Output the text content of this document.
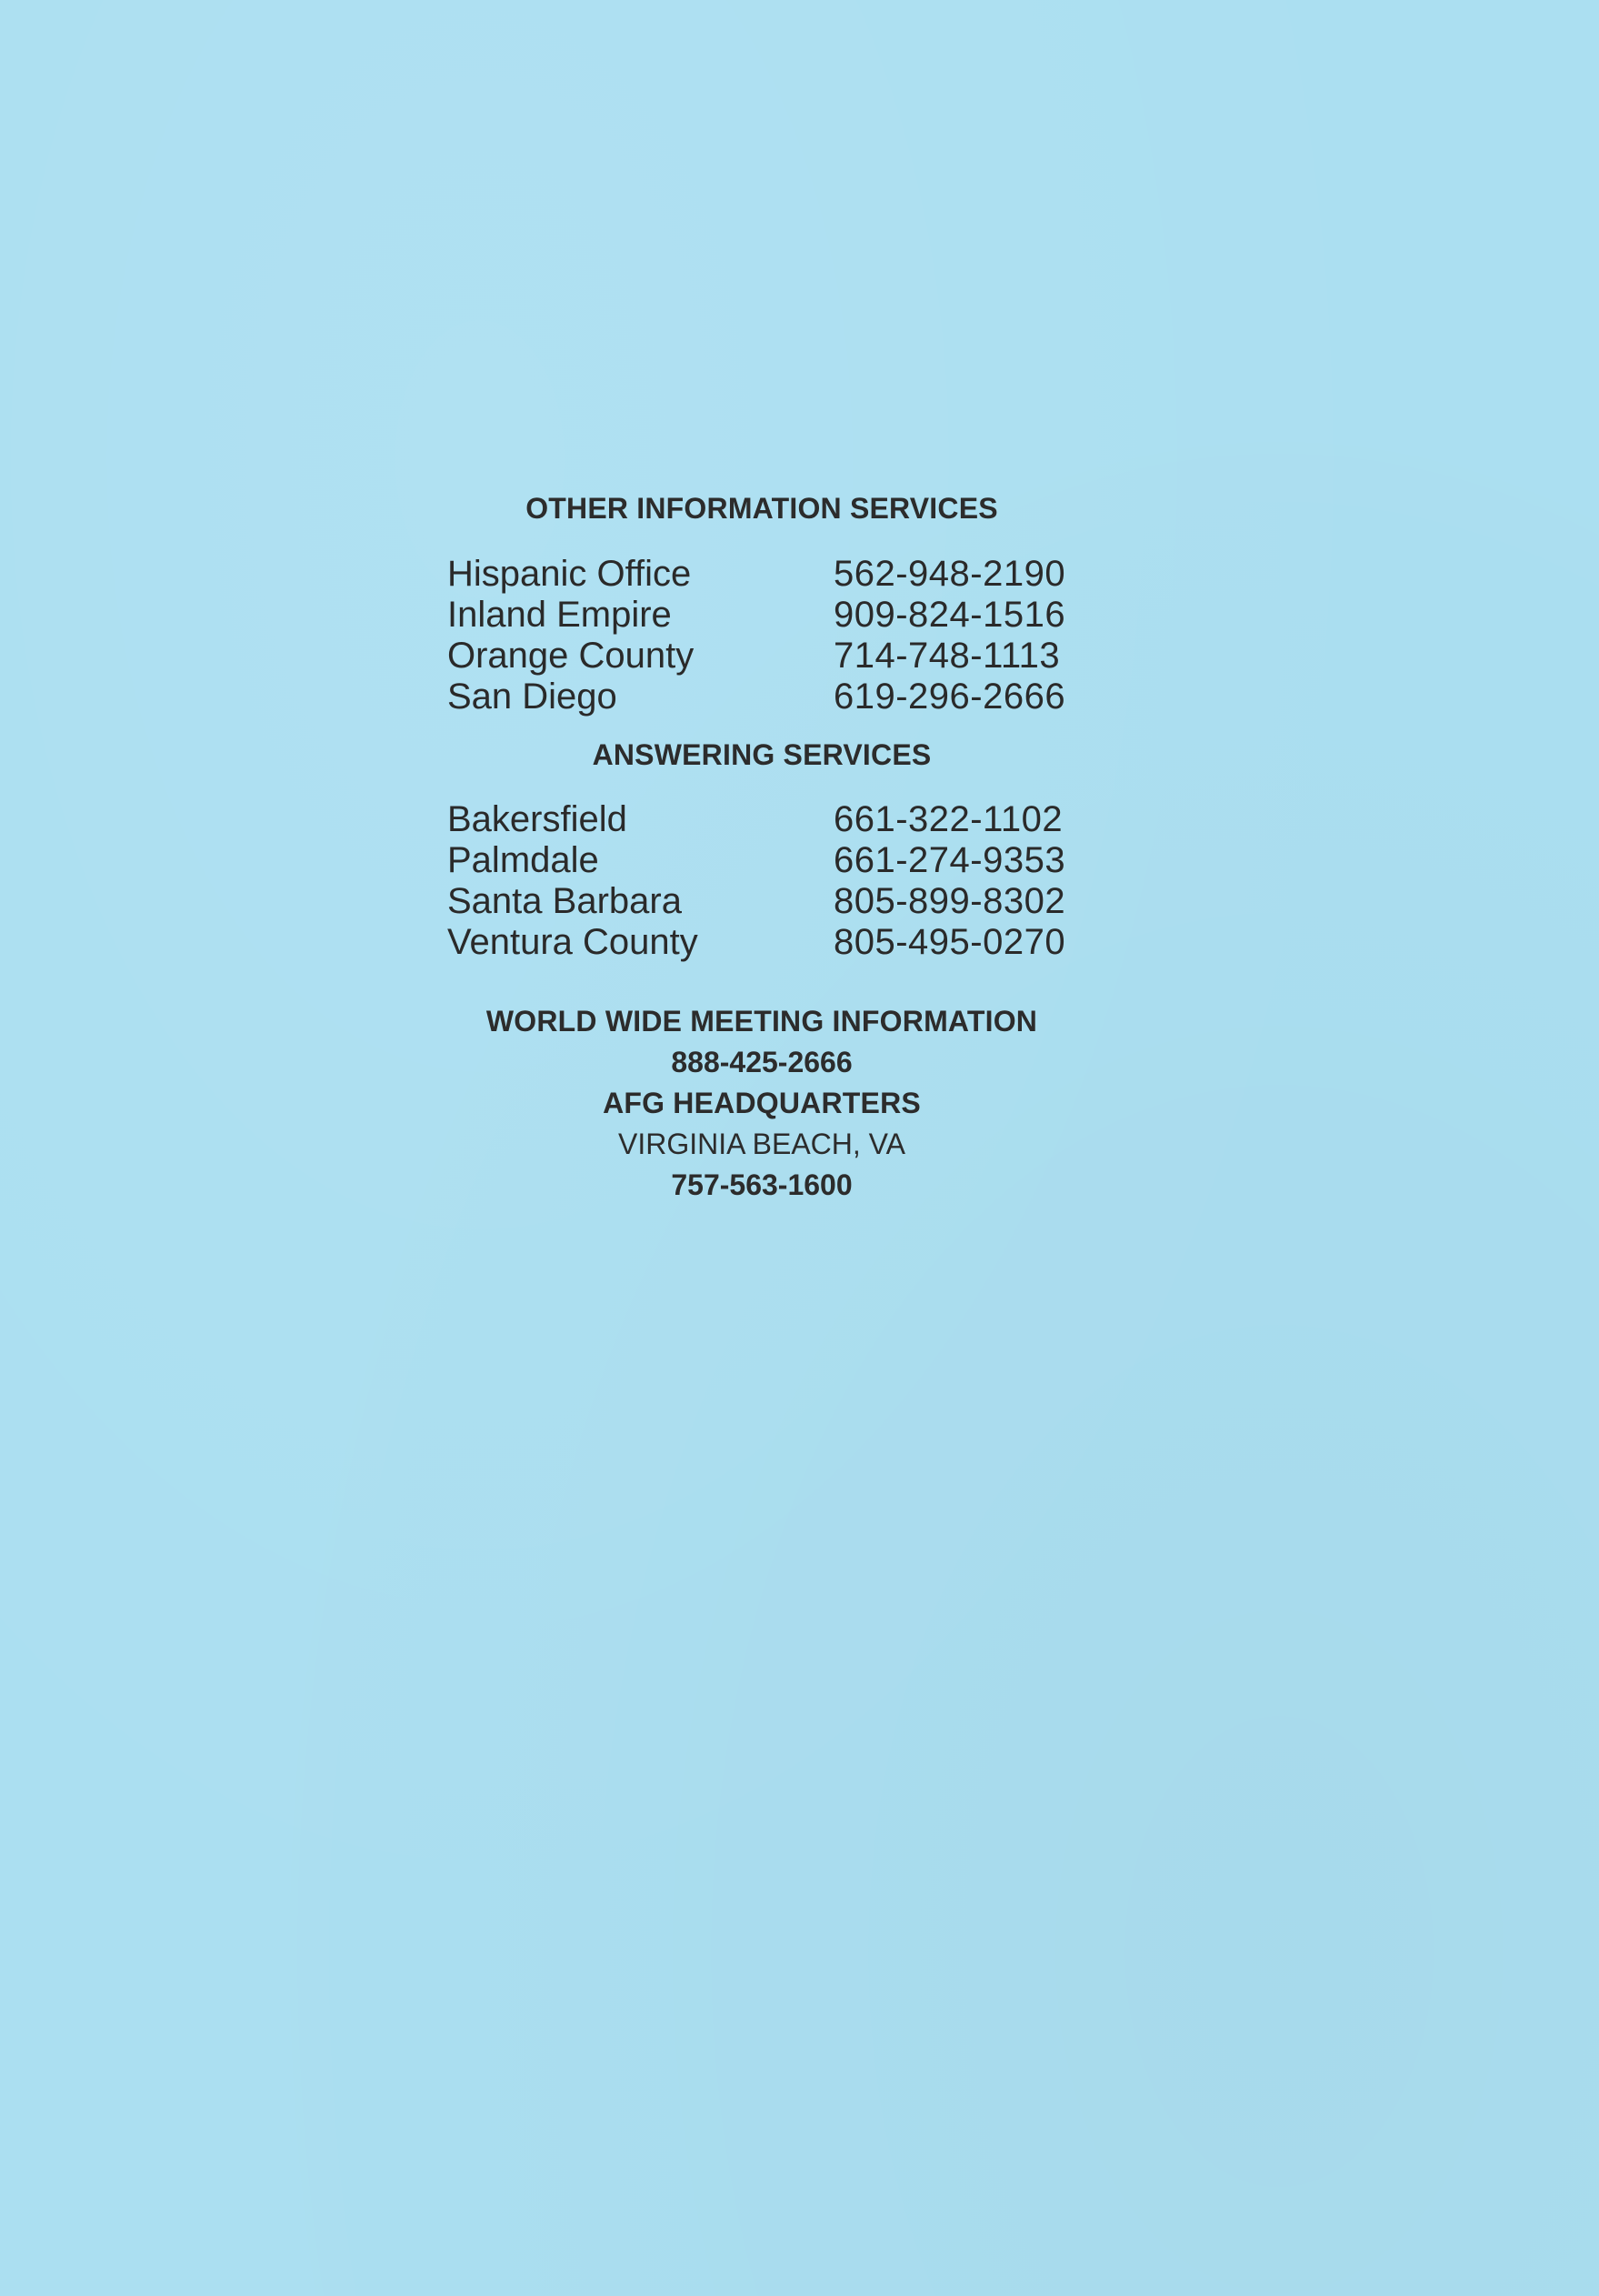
OTHER INFORMATION SERVICES
Hispanic Office	562-948-2190
Inland Empire	909-824-1516
Orange County	714-748-1113
San Diego	619-296-2666
ANSWERING SERVICES
Bakersfield	661-322-1102
Palmdale	661-274-9353
Santa Barbara	805-899-8302
Ventura County	805-495-0270
WORLD WIDE MEETING INFORMATION
888-425-2666
AFG HEADQUARTERS
VIRGINIA BEACH, VA
757-563-1600
